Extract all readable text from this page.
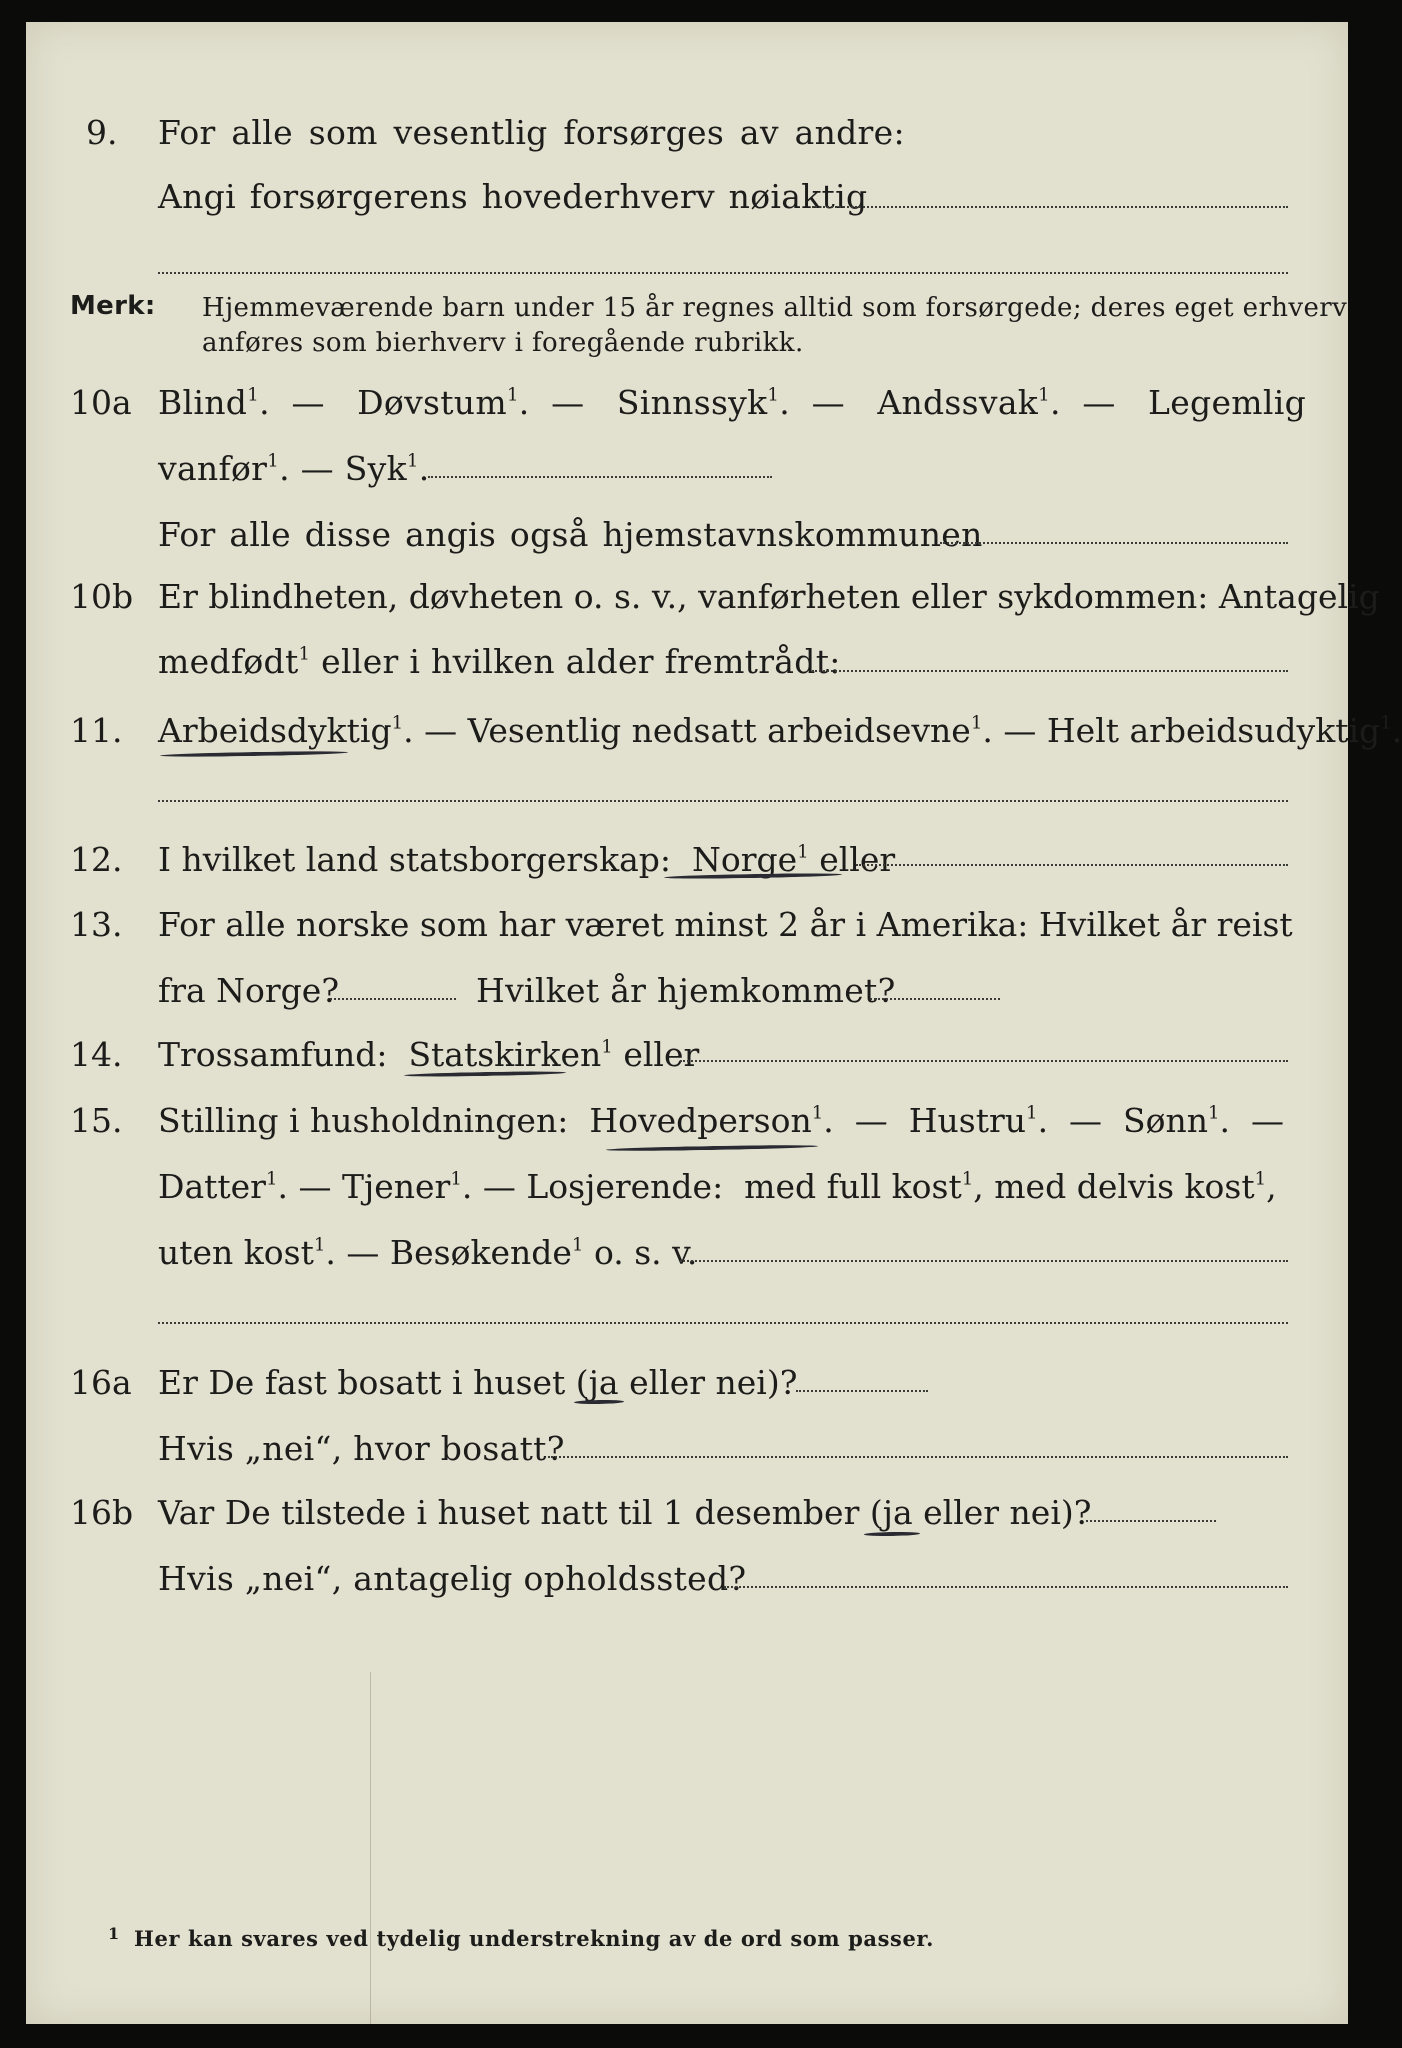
9. For alle som vesentlig forsørges av andre:
Angi forsørgerens hovederhverv nøiaktig
Merk: Hjemmeværende barn under 15 år regnes alltid som forsørgede; deres eget erhverv
anføres som bierhverv i foregående rubrikk.
10a Blind$^1$.  —   Døvstum$^1$.  —   Sinnssyk$^1$.  —   Andssvak$^1$.  —   Legemlig
vanfør$^1$. — Syk$^1$.
For alle disse angis også hjemstavnskommunen
10b Er blindheten, døvheten o. s. v., vanførheten eller sykdommen: Antagelig
medfødt$^1$ eller i hvilken alder fremtrådt:
11. Arbeidsdyktig$^1$. — Vesentlig nedsatt arbeidsevne$^1$. — Helt arbeidsudyktig$^1$.
12. I hvilket land statsborgerskap: Norge$^1$ eller
13. For alle norske som har været minst 2 år i Amerika: Hvilket år reist
fra Norge?	Hvilket år hjemkommet?
14. Trossamfund: Statskirken$^1$ eller
15. Stilling i husholdningen: Hovedperson$^1$.  —  Hustru$^1$.  —  Sønn$^1$.  —
Datter$^1$. — Tjener$^1$. — Losjerende: med full kost$^1$, med delvis kost$^1$,
uten kost$^1$. — Besøkende$^1$ o. s. v.
16a Er De fast bosatt i huset (ja eller nei)?
Hvis „nei“, hvor bosatt?
16b Var De tilstede i huset natt til 1 desember (ja eller nei)?
Hvis „nei“, antagelig opholdssted?
1 Her kan svares ved tydelig understrekning av de ord som passer.
